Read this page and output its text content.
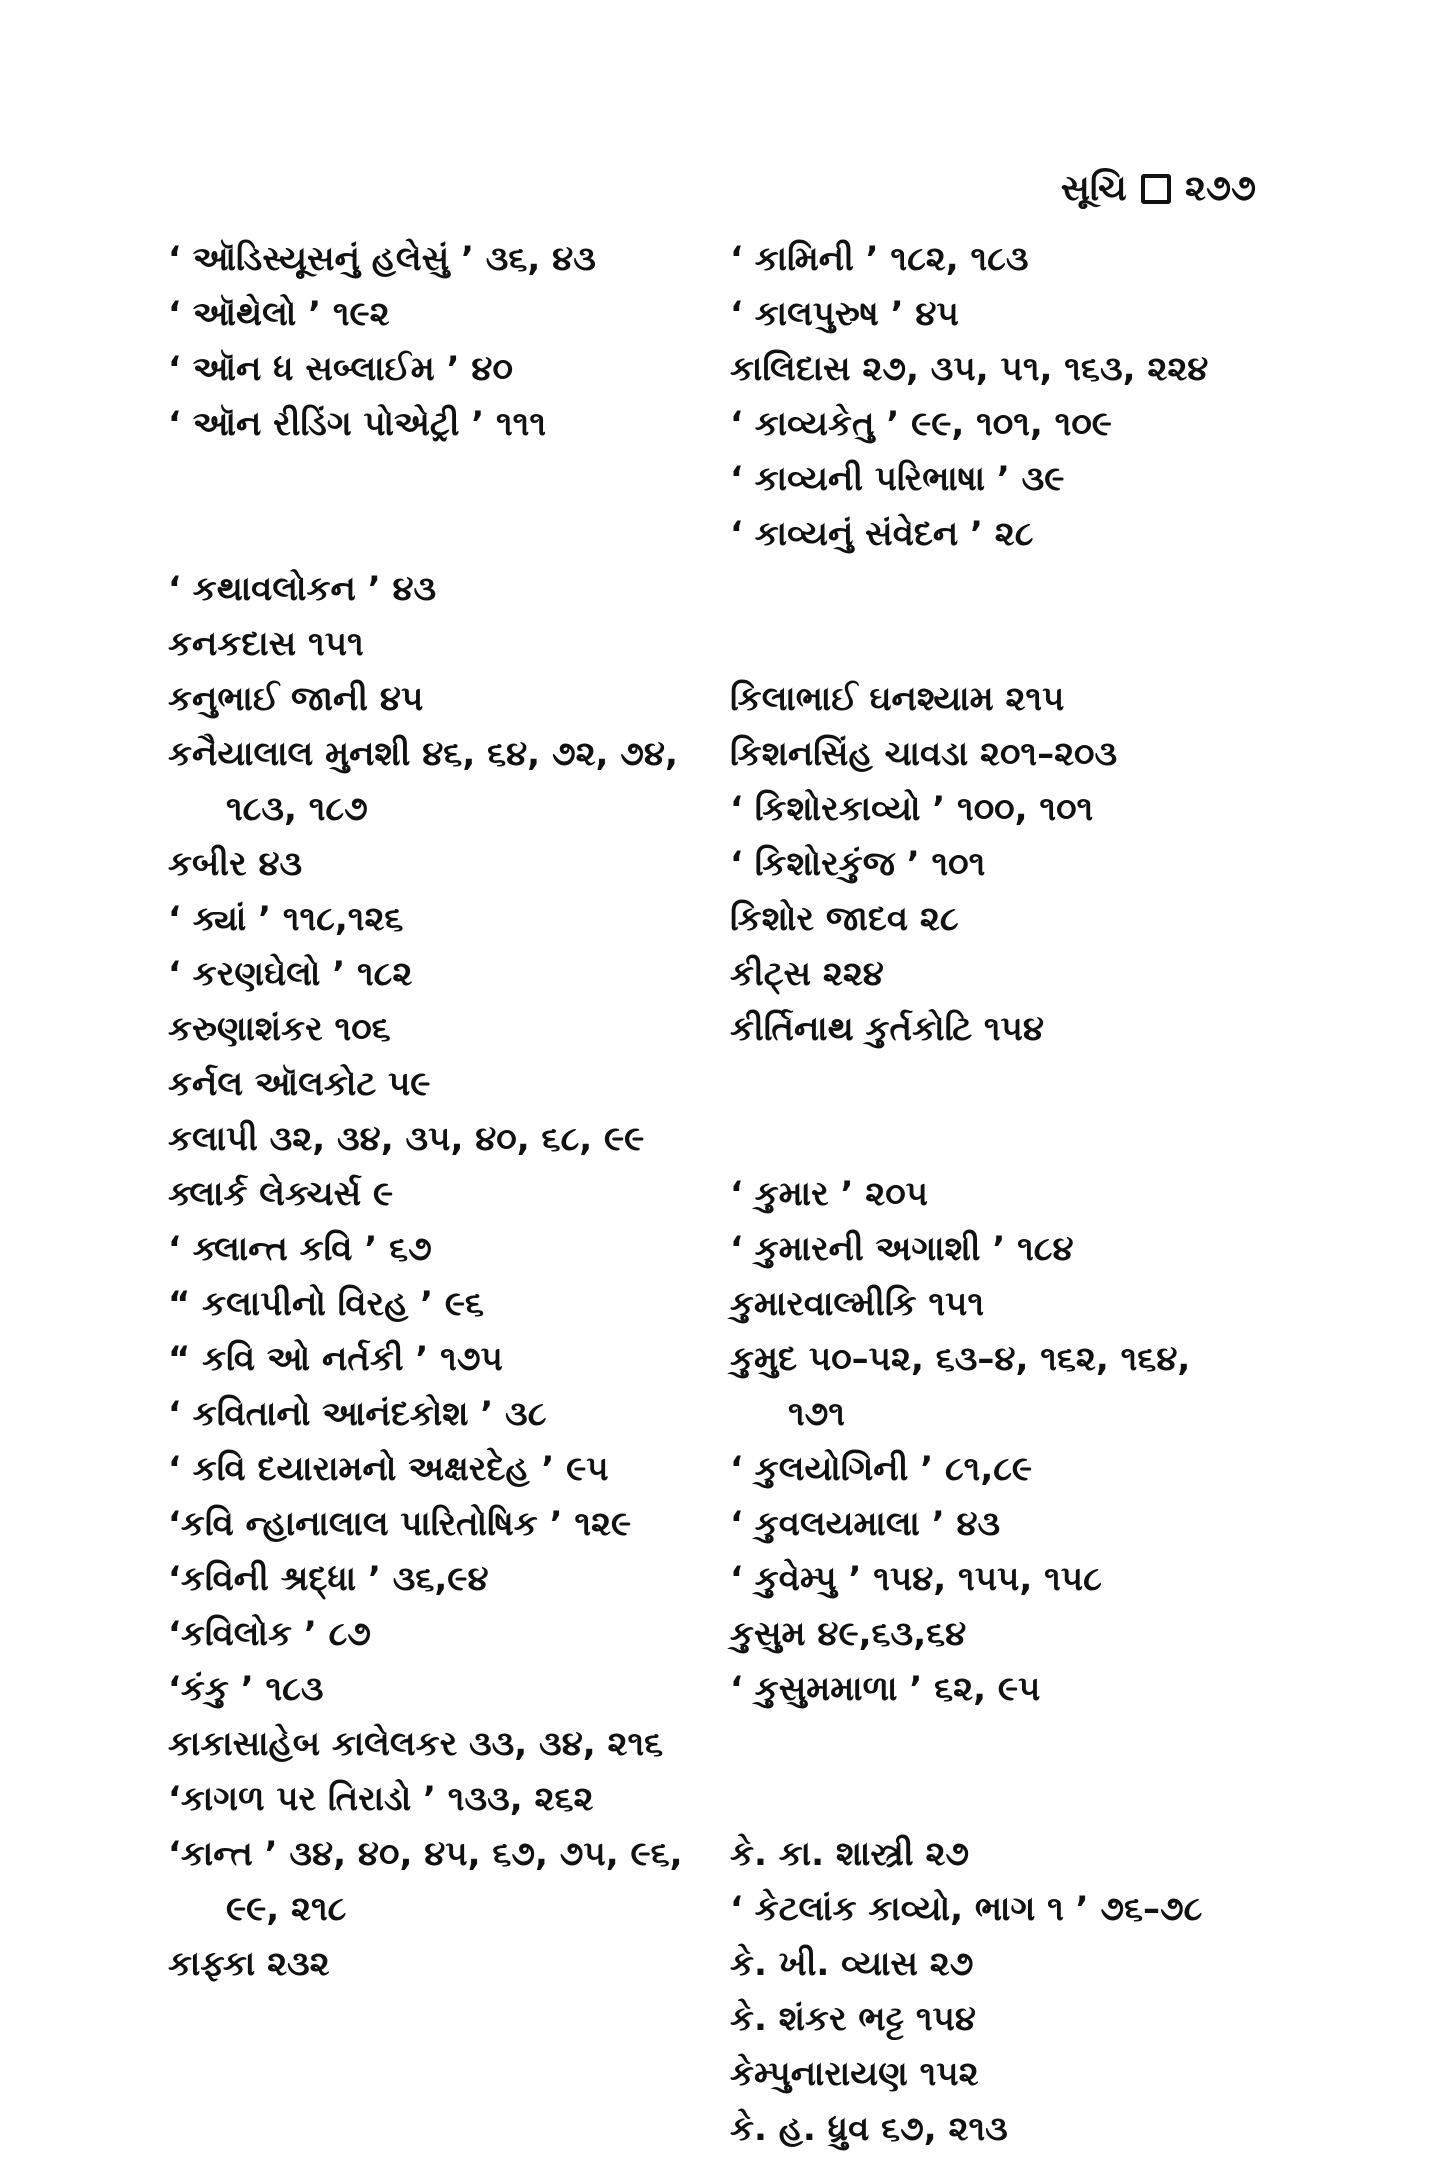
સૂચિ ૨૭૭
‘ ઑડિસ્યૂસનું હલેસું ’ ૩૬, ૪૩
‘ ઑથેલો ’ ૧૯૨
‘ ઑન ધ સબ્લાઈમ ’ ૪૦
‘ ઑન રીડિંગ પોએટ્રી ’ ૧૧૧
‘ કથાવલોકન ’ ૪૩
કનકદાસ ૧૫૧
કનુભાઈ જાની ૪૫
કનૈયાલાલ મુનશી ૪૬, ૬૪, ૭૨, ૭૪,
૧૮૩, ૧૮૭
કબીર ૪૩
‘ ક્યાં ’ ૧૧૮,૧૨૬
‘ કરણઘેલો ’ ૧૮૨
કરુણાશંકર ૧૦૬
કર્નલ ઑલકોટ ૫૯
કલાપી ૩૨, ૩૪, ૩૫, ૪૦, ૬૮, ૯૯
ક્લાર્ક લેક્ચર્સ ૯
‘ ક્લાન્ત કવિ ’ ૬૭
“ કલાપીનો વિરહ ’ ૯૬
“ કવિ ઓ નર્તકી ’ ૧૭૫
‘ કવિતાનો આનંદકોશ ’ ૩૮
‘ કવિ દયારામનો અક્ષરદેહ ’ ૯૫
‘કવિ ન્હાનાલાલ પારિતોષિક ’ ૧૨૯
‘કવિની શ્રદ્ધા ’ ૩૬,૯૪
‘કવિલોક ’ ૮૭
‘કંકુ ’ ૧૮૩
કાકાસાહેબ કાલેલકર ૩૩, ૩૪, ૨૧૬
‘કાગળ પર તિરાડો ’ ૧૩૩, ૨૬૨
‘કાન્ત ’ ૩૪, ૪૦, ૪૫, ૬૭, ૭૫, ૯૬,
૯૯, ૨૧૮
કાફ્કા ૨૩૨
‘ કામિની ’ ૧૮૨, ૧૮૩
‘ કાલપુરુષ ’ ૪૫
કાલિદાસ ૨૭, ૩૫, ૫૧, ૧૬૩, ૨૨૪
‘ કાવ્યકેતુ ’ ૯૯, ૧૦૧, ૧૦૯
‘ કાવ્યની પરિભાષા ’ ૩૯
‘ કાવ્યનું સંવેદન ’ ૨૮
કિલાભાઈ ઘનશ્યામ ૨૧૫
કિશનસિંહ ચાવડા ૨૦૧–૨૦૩
‘ કિશોરકાવ્યો ’ ૧૦૦, ૧૦૧
‘ કિશોરકુંજ ’ ૧૦૧
કિશોર જાદવ ૨૮
કીટ્સ ૨૨૪
કીર્તિનાથ કુર્તકોટિ ૧૫૪
‘ કુમાર ’ ૨૦૫
‘ કુમારની અગાશી ’ ૧૮૪
કુમારવાલ્મીકિ ૧૫૧
કુમુદ ૫૦–૫૨, ૬૩–૪, ૧૬૨, ૧૬૪,
૧૭૧
‘ કુલયોગિની ’ ૮૧,૮૯
‘ કુવલયમાલા ’ ૪૩
‘ કુવેમ્પુ ’ ૧૫૪, ૧૫૫, ૧૫૮
કુસુમ ૪૯,૬૩,૬૪
‘ કુસુમમાળા ’ ૬૨, ૯૫
કે. કા. શાસ્ત્રી ૨૭
‘ કેટલાંક કાવ્યો, ભાગ ૧ ’ ૭૬–૭૮
કે. ખી. વ્યાસ ૨૭
કે. શંકર ભટ્ટ ૧૫૪
કેમ્પુનારાયણ ૧૫૨
કે. હ. ધ્રુવ ૬૭, ૨૧૩
